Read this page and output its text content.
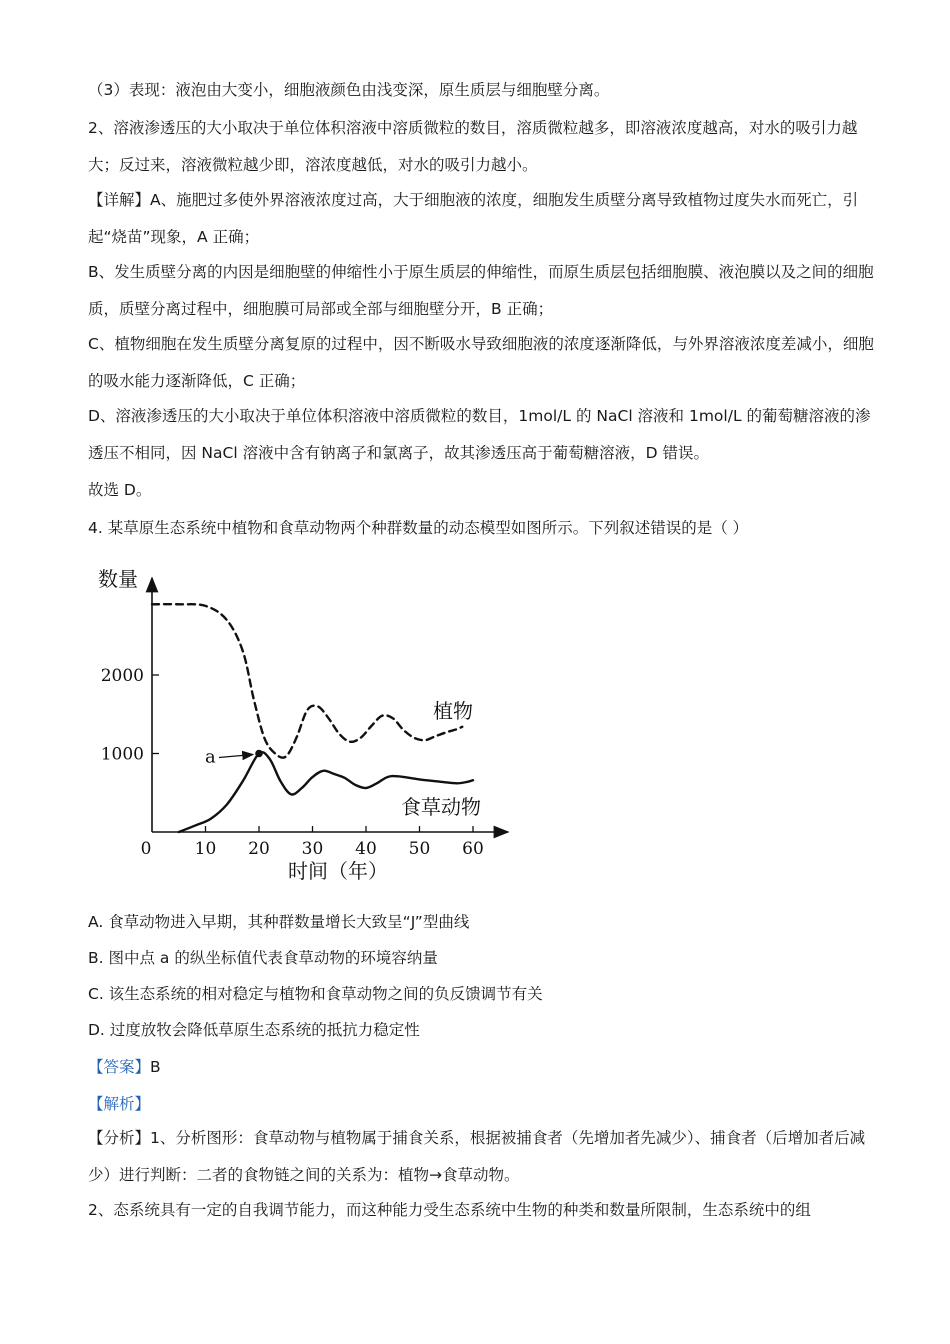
（3）表现：液泡由大变小，细胞液颜色由浅变深，原生质层与细胞壁分离。

2、溶液渗透压的大小取决于单位体积溶液中溶质微粒的数目，溶质微粒越多，即溶液浓度越高，对水的吸引力越大；反过来，溶液微粒越少即，溶浓度越低，对水的吸引力越小。

【详解】A、施肥过多使外界溶液浓度过高，大于细胞液的浓度，细胞发生质壁分离导致植物过度失水而死亡，引起“烧苗”现象，A 正确；

B、发生质壁分离的内因是细胞壁的伸缩性小于原生质层的伸缩性，而原生质层包括细胞膜、液泡膜以及之间的细胞质，质壁分离过程中，细胞膜可局部或全部与细胞壁分开，B 正确；

C、植物细胞在发生质壁分离复原的过程中，因不断吸水导致细胞液的浓度逐渐降低，与外界溶液浓度差减小，细胞的吸水能力逐渐降低，C 正确；

D、溶液渗透压的大小取决于单位体积溶液中溶质微粒的数目，1mol/L 的 NaCl 溶液和 1mol/L 的葡萄糖溶液的渗透压不相同，因 NaCl 溶液中含有钠离子和氯离子，故其渗透压高于葡萄糖溶液，D 错误。

故选 D。

4. 某草原生态系统中植物和食草动物两个种群数量的动态模型如图所示。下列叙述错误的是（ ）

0	10 20 30 40 50 60
1000
2000
a
数量
时间（年）
植物
食草动物

A. 食草动物进入早期，其种群数量增长大致呈“J”型曲线

B. 图中点 a 的纵坐标值代表食草动物的环境容纳量

C. 该生态系统的相对稳定与植物和食草动物之间的负反馈调节有关

D. 过度放牧会降低草原生态系统的抵抗力稳定性

【答案】B

【解析】

【分析】1、分析图形：食草动物与植物属于捕食关系，根据被捕食者（先增加者先减少）、捕食者（后增加者后减少）进行判断：二者的食物链之间的关系为：植物→食草动物。

2、态系统具有一定的自我调节能力，而这种能力受生态系统中生物的种类和数量所限制，生态系统中的组
